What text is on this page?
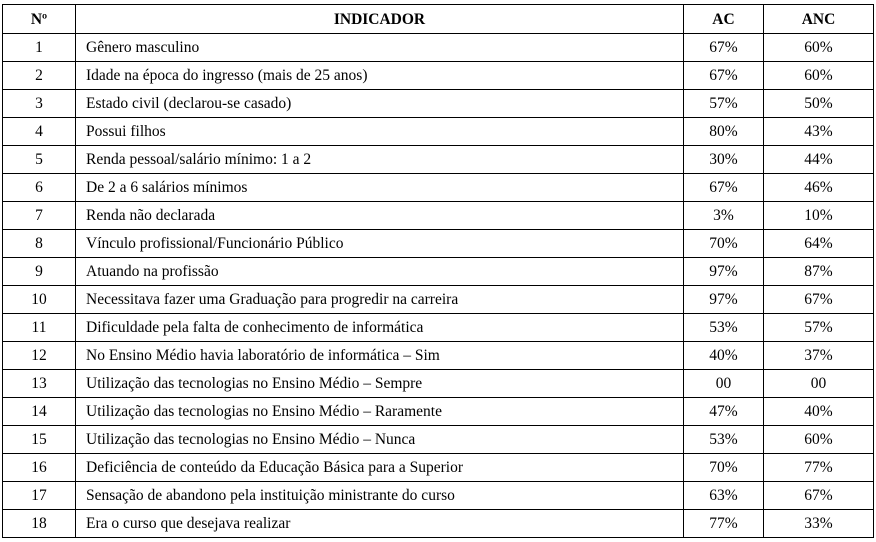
Nº	INDICADOR	AC	ANC
1	Gênero masculino	67%	60%
2	Idade na época do ingresso (mais de 25 anos)	67%	60%
3	Estado civil (declarou-se casado)	57%	50%
4	Possui filhos	80%	43%
5	Renda pessoal/salário mínimo: 1 a 2	30%	44%
6	De 2 a 6 salários mínimos	67%	46%
7	Renda não declarada	3%	10%
8	Vínculo profissional/Funcionário Público	70%	64%
9	Atuando na profissão	97%	87%
10	Necessitava fazer uma Graduação para progredir na carreira	97%	67%
11	Dificuldade pela falta de conhecimento de informática	53%	57%
12	No Ensino Médio havia laboratório de informática – Sim	40%	37%
13	Utilização das tecnologias no Ensino Médio – Sempre	00	00
14	Utilização das tecnologias no Ensino Médio – Raramente	47%	40%
15	Utilização das tecnologias no Ensino Médio – Nunca	53%	60%
16	Deficiência de conteúdo da Educação Básica para a Superior	70%	77%
17	Sensação de abandono pela instituição ministrante do curso	63%	67%
18	Era o curso que desejava realizar	77%	33%
